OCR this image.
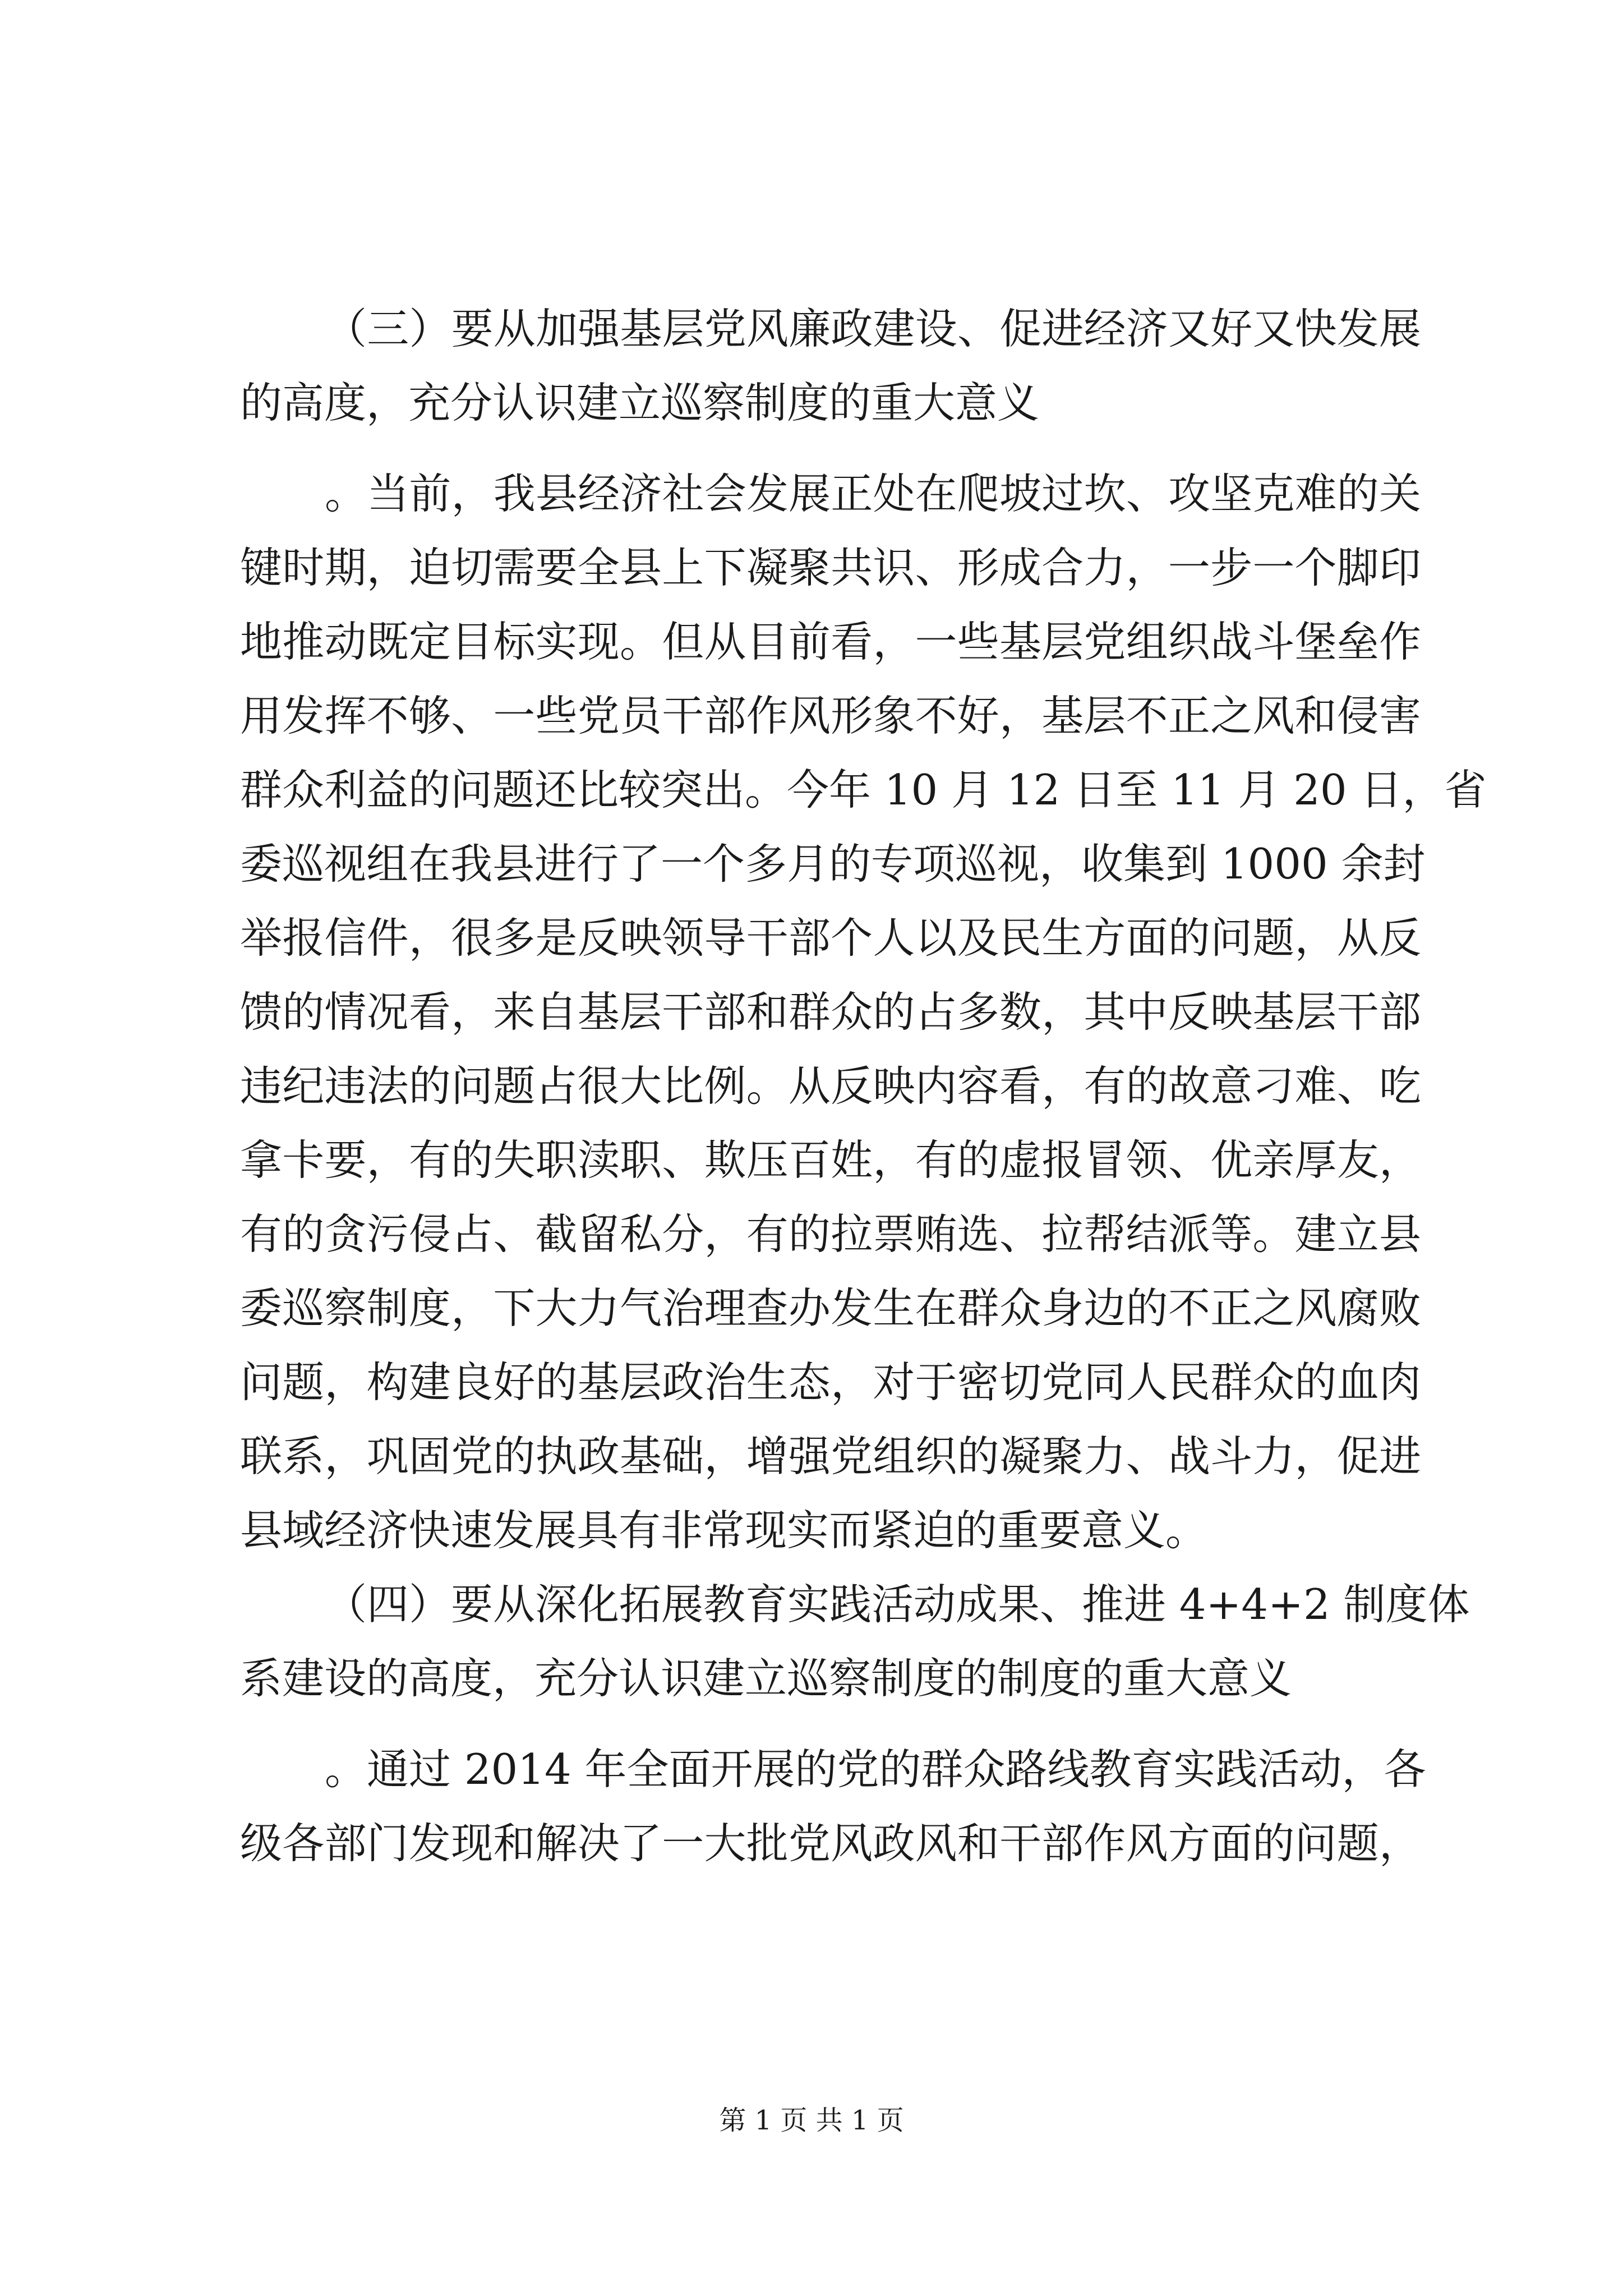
（三）要从加强基层党风廉政建设、促进经济又好又快发展
的高度，充分认识建立巡察制度的重大意义
。当前，我县经济社会发展正处在爬坡过坎、攻坚克难的关
键时期，迫切需要全县上下凝聚共识、形成合力，一步一个脚印
地推动既定目标实现。但从目前看，一些基层党组织战斗堡垒作
用发挥不够、一些党员干部作风形象不好，基层不正之风和侵害
群众利益的问题还比较突出。今年 10 月 12 日至 11 月 20 日，省
委巡视组在我县进行了一个多月的专项巡视，收集到 1000 余封
举报信件，很多是反映领导干部个人以及民生方面的问题，从反
馈的情况看，来自基层干部和群众的占多数，其中反映基层干部
违纪违法的问题占很大比例。从反映内容看，有的故意刁难、吃
拿卡要，有的失职渎职、欺压百姓，有的虚报冒领、优亲厚友，
有的贪污侵占、截留私分，有的拉票贿选、拉帮结派等。建立县
委巡察制度，下大力气治理查办发生在群众身边的不正之风腐败
问题，构建良好的基层政治生态，对于密切党同人民群众的血肉
联系，巩固党的执政基础，增强党组织的凝聚力、战斗力，促进
县域经济快速发展具有非常现实而紧迫的重要意义。
（四）要从深化拓展教育实践活动成果、推进 4+4+2 制度体
系建设的高度，充分认识建立巡察制度的制度的重大意义
。通过 2014 年全面开展的党的群众路线教育实践活动，各
级各部门发现和解决了一大批党风政风和干部作风方面的问题，
第 1 页 共 1 页
